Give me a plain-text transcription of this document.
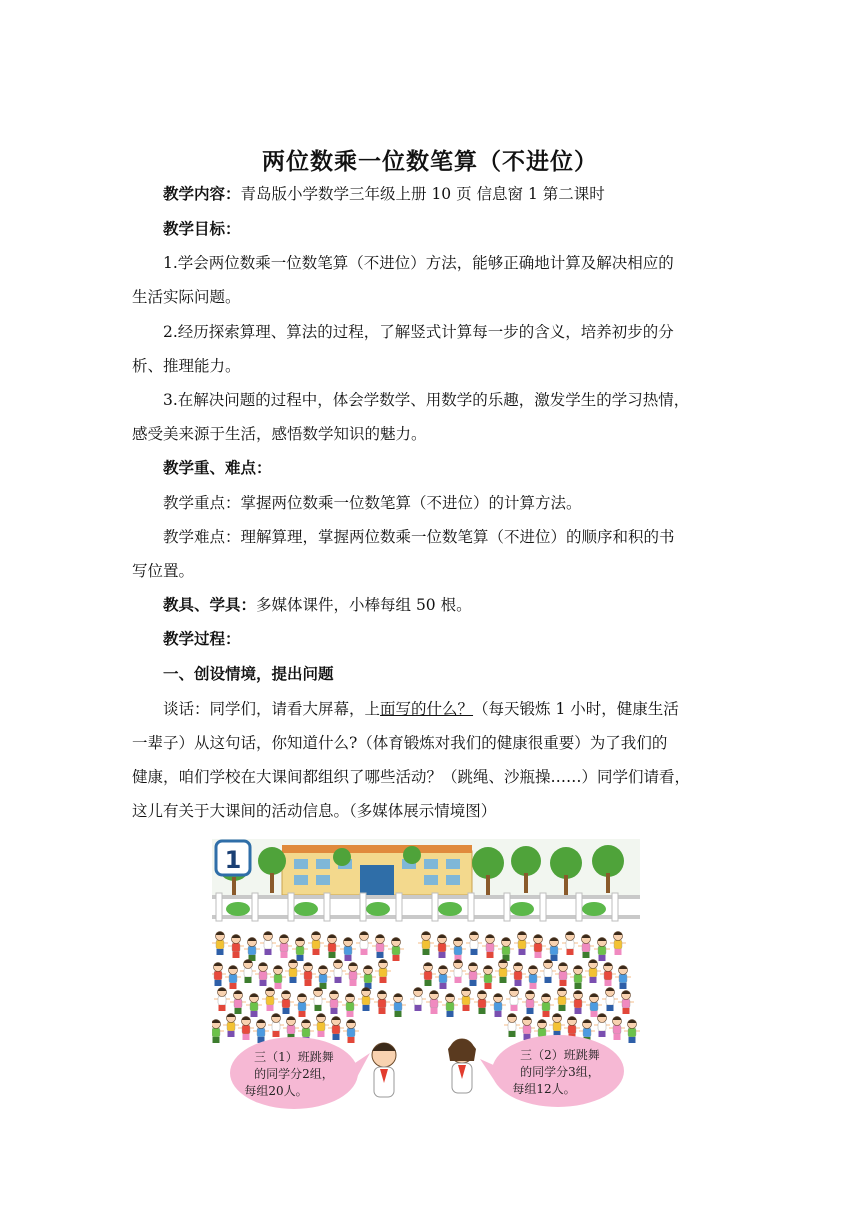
两位数乘一位数笔算（不进位）
教学内容：青岛版小学数学三年级上册 10 页 信息窗 1 第二课时
教学目标：
1.学会两位数乘一位数笔算（不进位）方法，能够正确地计算及解决相应的
生活实际问题。
2.经历探索算理、算法的过程，了解竖式计算每一步的含义，培养初步的分
析、推理能力。
3.在解决问题的过程中，体会学数学、用数学的乐趣，激发学生的学习热情，
感受美来源于生活，感悟数学知识的魅力。
教学重、难点：
教学重点：掌握两位数乘一位数笔算（不进位）的计算方法。
教学难点：理解算理，掌握两位数乘一位数笔算（不进位）的顺序和积的书
写位置。
教具、学具：多媒体课件，小棒每组 50 根。
教学过程：
一、创设情境，提出问题
谈话：同学们，请看大屏幕，上面写的什么？（每天锻炼 1 小时，健康生活
一辈子）从这句话，你知道什么?（体育锻炼对我们的健康很重要）为了我们的
健康，咱们学校在大课间都组织了哪些活动？（跳绳、沙瓶操……）同学们请看，
这儿有关于大课间的活动信息。（多媒体展示情境图）
1
三（1）班跳舞
的同学分2组，
每组20人。
三（2）班跳舞
的同学分3组，
每组12人。
